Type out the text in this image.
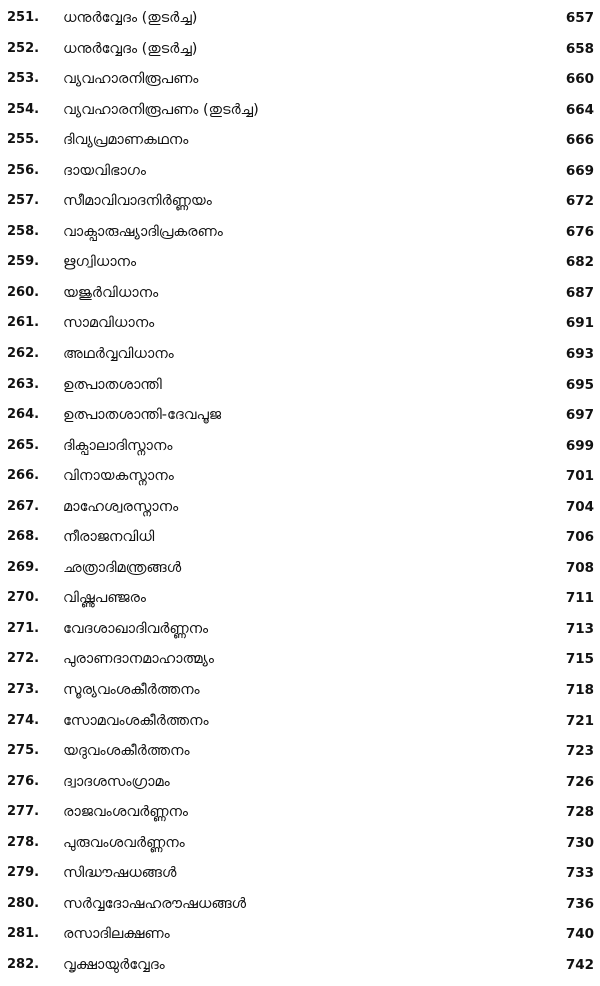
251. ധനുർവ്വേദം (തുടർച്ച)	657
252. ധനുർവ്വേദം (തുടർച്ച)	658
253. വ്യവഹാരനിരൂപണം	660
254. വ്യവഹാരനിരൂപണം (തുടർച്ച)	664
255. ദിവ്യപ്രമാണകഥനം	666
256. ദായവിഭാഗം	669
257. സീമാവിവാദനിർണ്ണയം	672
258. വാക്പാരുഷ്യാദിപ്രകരണം	676
259. ഋഗ്വിധാനം	682
260. യജുർവിധാനം	687
261. സാമവിധാനം	691
262. അഥർവ്വവിധാനം	693
263. ഉത്പാതശാന്തി	695
264. ഉത്പാതശാന്തി-ദേവപൂജ	697
265. ദിക്പാലാദിസ്നാനം	699
266. വിനായകസ്നാനം	701
267. മാഹേശ്വരസ്നാനം	704
268. നീരാജനവിധി	706
269. ഛത്രാദിമന്ത്രങ്ങൾ	708
270. വിഷ്ണുപഞ്ജരം	711
271. വേദശാഖാദിവർണ്ണനം	713
272. പുരാണദാനമാഹാത്മ്യം	715
273. സൂര്യവംശകീർത്തനം	718
274. സോമവംശകീർത്തനം	721
275. യദുവംശകീർത്തനം	723
276. ദ്വാദശസംഗ്രാമം	726
277. രാജവംശവർണ്ണനം	728
278. പുരുവംശവർണ്ണനം	730
279. സിദ്ധൗഷധങ്ങൾ	733
280. സർവ്വദോഷഹരൗഷധങ്ങൾ	736
281. രസാദിലക്ഷണം	740
282. വൃക്ഷായുർവ്വേദം	742
